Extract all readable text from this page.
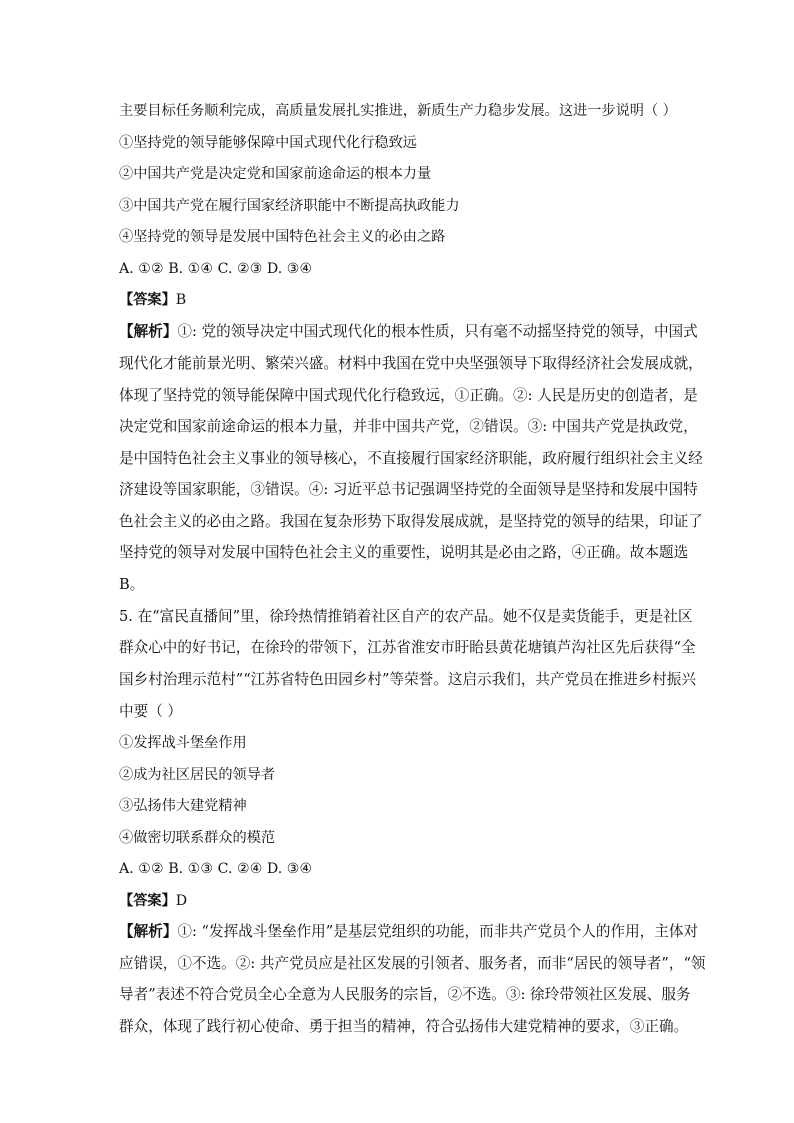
主要目标任务顺利完成，高质量发展扎实推进，新质生产力稳步发展。这进一步说明（ ）
①坚持党的领导能够保障中国式现代化行稳致远
②中国共产党是决定党和国家前途命运的根本力量
③中国共产党在履行国家经济职能中不断提高执政能力
④坚持党的领导是发展中国特色社会主义的必由之路
A. ①② B. ①④ C. ②③ D. ③④
【答案】B
【解析】①: 党的领导决定中国式现代化的根本性质，只有毫不动摇坚持党的领导，中国式
现代化才能前景光明、繁荣兴盛。材料中我国在党中央坚强领导下取得经济社会发展成就，
体现了坚持党的领导能保障中国式现代化行稳致远，①正确。②: 人民是历史的创造者，是
决定党和国家前途命运的根本力量，并非中国共产党，②错误。③: 中国共产党是执政党，
是中国特色社会主义事业的领导核心，不直接履行国家经济职能，政府履行组织社会主义经
济建设等国家职能，③错误。④: 习近平总书记强调坚持党的全面领导是坚持和发展中国特
色社会主义的必由之路。我国在复杂形势下取得发展成就，是坚持党的领导的结果，印证了
坚持党的领导对发展中国特色社会主义的重要性，说明其是必由之路，④正确。故本题选
B。
5. 在“富民直播间”里，徐玲热情推销着社区自产的农产品。她不仅是卖货能手，更是社区
群众心中的好书记，在徐玲的带领下，江苏省淮安市盱眙县黄花塘镇芦沟社区先后获得“全
国乡村治理示范村”“江苏省特色田园乡村”等荣誉。这启示我们，共产党员在推进乡村振兴
中要（ ）
①发挥战斗堡垒作用
②成为社区居民的领导者
③弘扬伟大建党精神
④做密切联系群众的模范
A. ①② B. ①③ C. ②④ D. ③④
【答案】D
【解析】①: “发挥战斗堡垒作用”是基层党组织的功能，而非共产党员个人的作用，主体对
应错误，①不选。②: 共产党员应是社区发展的引领者、服务者，而非“居民的领导者”，“领
导者”表述不符合党员全心全意为人民服务的宗旨，②不选。③: 徐玲带领社区发展、服务
群众，体现了践行初心使命、勇于担当的精神，符合弘扬伟大建党精神的要求，③正确。
